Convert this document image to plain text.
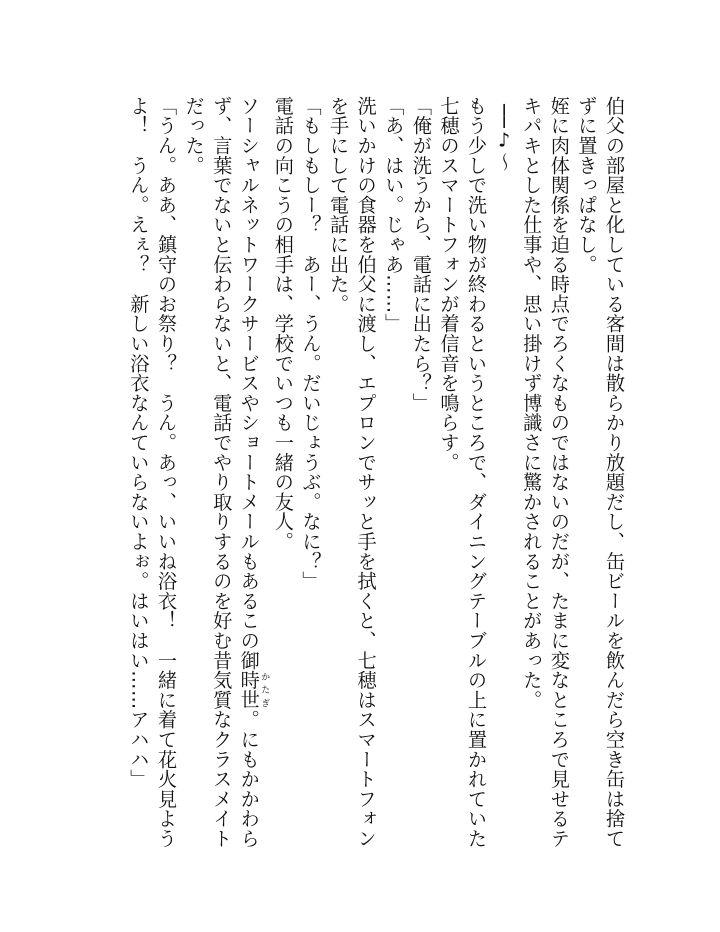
伯父の部屋と化している客間は散らかり放題だし、缶ビールを飲んだら空き缶は捨てずに置きっぱなし。

姪に肉体関係を迫る時点でろくなものではないのだが、たまに変なところで見せるテキパキとした仕事や、思い掛けず博識さに驚かされることがあった。

──♪〜

もう少しで洗い物が終わるというところで、ダイニングテーブルの上に置かれていた七穂のスマートフォンが着信音を鳴らす。

「俺が洗うから、電話に出たら？」

「あ、はい。じゃあ……」

洗いかけの食器を伯父に渡し、エプロンでサッと手を拭くと、七穂はスマートフォンを手にして電話に出た。

「もしもしー？　あー、うん。だいじょうぶ。なに？」

電話の向こうの相手は、学校でいつも一緒の友人。

ソーシャルネットワークサービスやショートメールもあるこの御時世かたぎ。にもかかわらず、言葉でないと伝わらないと、電話でやり取りするのを好む昔気質なクラスメイトだった。

「うん。ああ、鎮守のお祭り？　うん。あっ、いいね浴衣！　一緒に着て花火見ようよ！　うん。えぇ？　新しい浴衣なんていらないよぉ。はいはい……アハハ」
